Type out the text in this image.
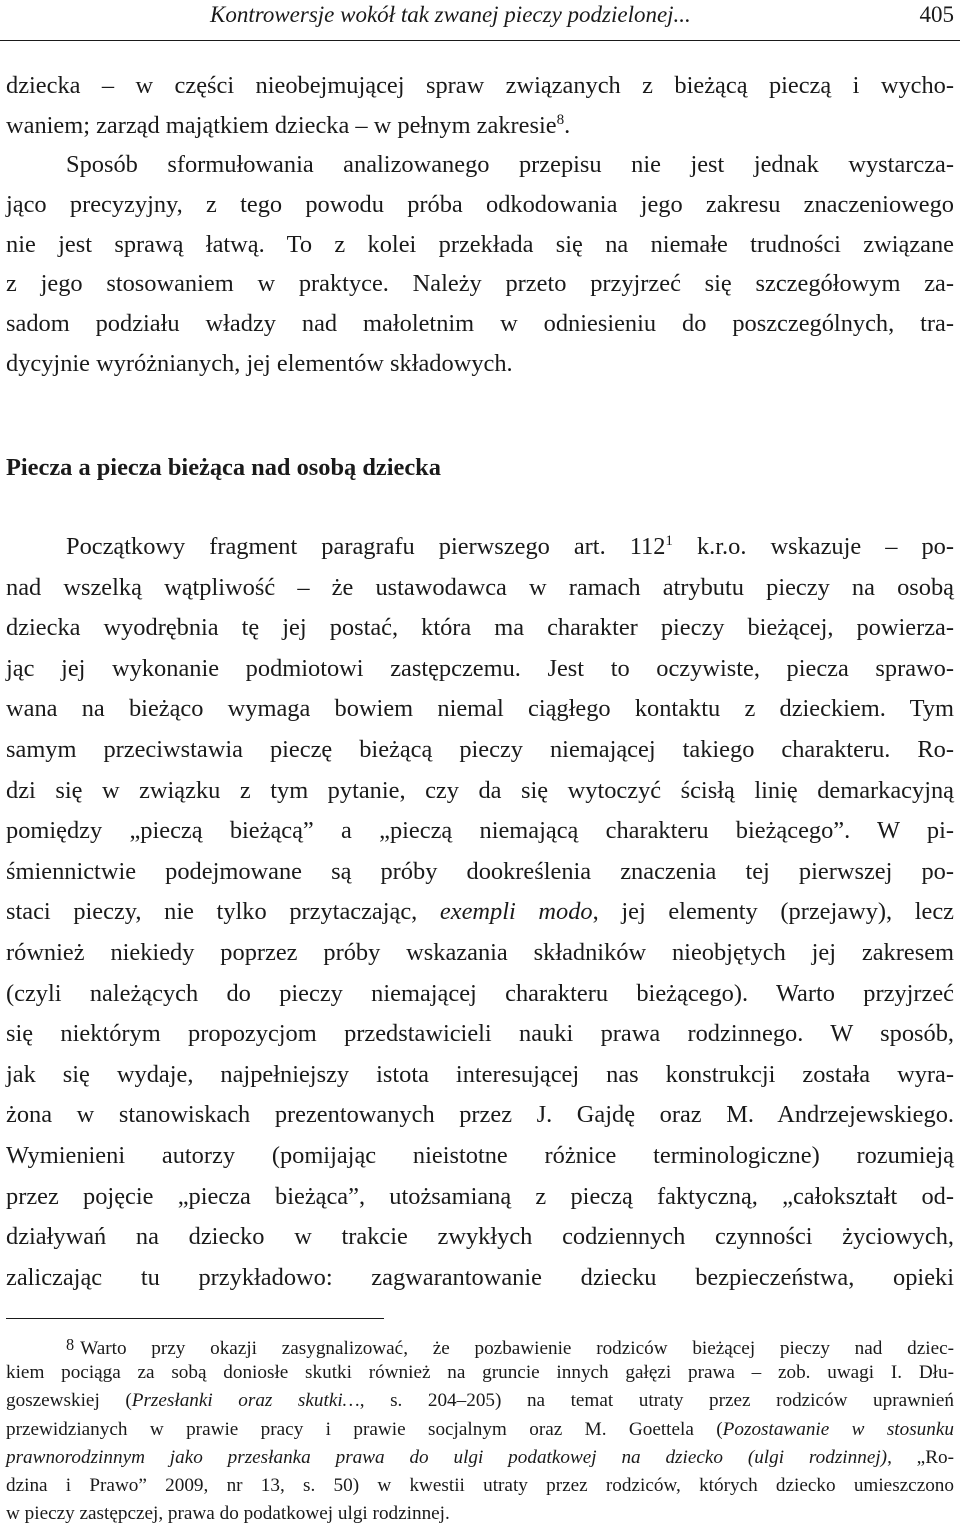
Kontrowersje wokół tak zwanej pieczy podzielonej...	405
dziecka – w części nieobejmującej spraw związanych z bieżącą pieczą i wycho-
waniem; zarząd majątkiem dziecka – w pełnym zakresie$^8$.
Sposób sformułowania analizowanego przepisu nie jest jednak wystarcza-
jąco precyzyjny, z tego powodu próba odkodowania jego zakresu znaczeniowego
nie jest sprawą łatwą. To z kolei przekłada się na niemałe trudności związane
z jego stosowaniem w praktyce. Należy przeto przyjrzeć się szczegółowym za-
sadom podziału władzy nad małoletnim w odniesieniu do poszczególnych, tra-
dycyjnie wyróżnianych, jej elementów składowych.
Piecza a piecza bieżąca nad osobą dziecka
Początkowy fragment paragrafu pierwszego art. $112^1$ k.r.o. wskazuje – po-
nad wszelką wątpliwość – że ustawodawca w ramach atrybutu pieczy na osobą
dziecka wyodrębnia tę jej postać, która ma charakter pieczy bieżącej, powierza-
jąc jej wykonanie podmiotowi zastępczemu. Jest to oczywiste, piecza sprawo-
wana na bieżąco wymaga bowiem niemal ciągłego kontaktu z dzieckiem. Tym
samym przeciwstawia pieczę bieżącą pieczy niemającej takiego charakteru. Ro-
dzi się w związku z tym pytanie, czy da się wytoczyć ścisłą linię demarkacyjną
pomiędzy „pieczą bieżącą” a „pieczą niemającą charakteru bieżącego”. W pi-
śmiennictwie podejmowane są próby dookreślenia znaczenia tej pierwszej po-
staci pieczy, nie tylko przytaczając, exempli modo, jej elementy (przejawy), lecz
również niekiedy poprzez próby wskazania składników nieobjętych jej zakresem
(czyli należących do pieczy niemającej charakteru bieżącego). Warto przyjrzeć
się niektórym propozycjom przedstawicieli nauki prawa rodzinnego. W sposób,
jak się wydaje, najpełniejszy istota interesującej nas konstrukcji została wyra-
żona w stanowiskach prezentowanych przez J. Gajdę oraz M. Andrzejewskiego.
Wymienieni autorzy (pomijając nieistotne różnice terminologiczne) rozumieją
przez pojęcie „piecza bieżąca”, utożsamianą z pieczą faktyczną, „całokształt od-
działywań na dziecko w trakcie zwykłych codziennych czynności życiowych,
zaliczając tu przykładowo: zagwarantowanie dziecku bezpieczeństwa, opieki
$^8$ Warto przy okazji zasygnalizować, że pozbawienie rodziców bieżącej pieczy nad dziec-
kiem pociąga za sobą doniosłe skutki również na gruncie innych gałęzi prawa – zob. uwagi I. Dłu-
goszewskiej (Przesłanki oraz skutki…, s. 204–205) na temat utraty przez rodziców uprawnień
przewidzianych w prawie pracy i prawie socjalnym oraz M. Goettela (Pozostawanie w stosunku
prawnorodzinnym jako przesłanka prawa do ulgi podatkowej na dziecko (ulgi rodzinnej), „Ro-
dzina i Prawo” 2009, nr 13, s. 50) w kwestii utraty przez rodziców, których dziecko umieszczono
w pieczy zastępczej, prawa do podatkowej ulgi rodzinnej.
